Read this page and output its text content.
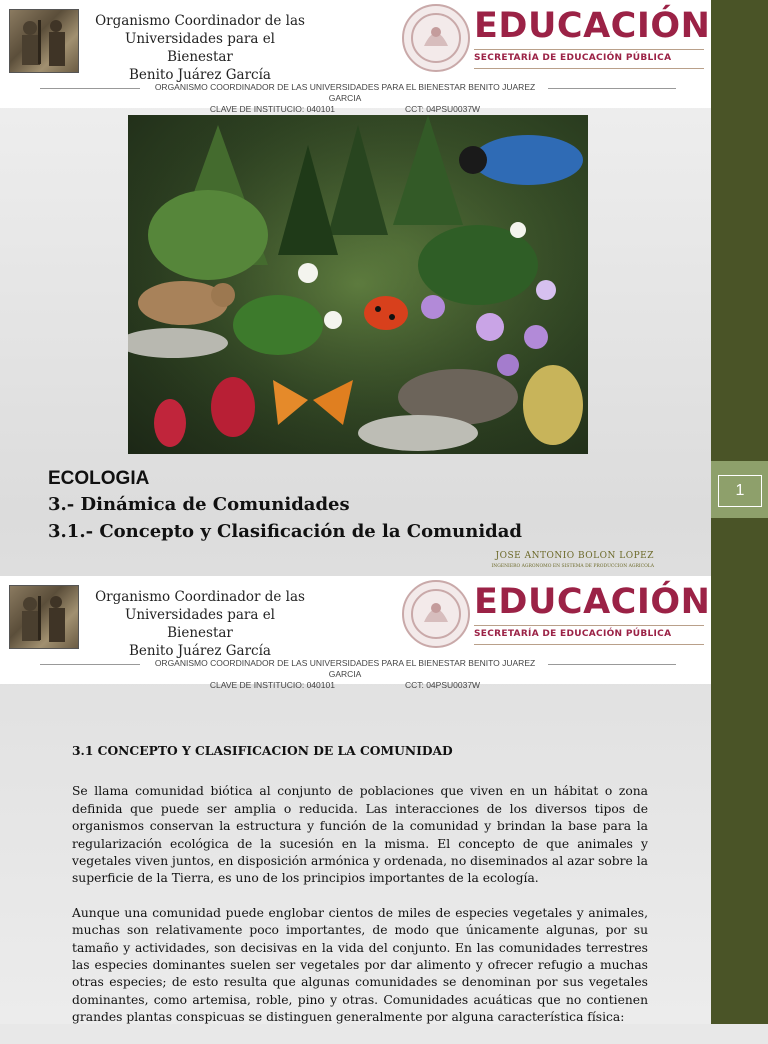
1
Organismo Coordinador de las
Universidades para el Bienestar
Benito Juárez García
EDUCACIÓN
SECRETARÍA DE EDUCACIÓN PÚBLICA
ORGANISMO COORDINADOR DE LAS UNIVERSIDADES PARA EL BIENESTAR BENITO JUAREZ GARCIA
CLAVE DE INSTITUCIO: 040101	CCT: 04PSU0037W
ECOLOGIA
3.- Dinámica de Comunidades
3.1.- Concepto y Clasificación de la Comunidad
JOSE ANTONIO BOLON LOPEZ
INGENIERO AGRONOMO EN SISTEMA DE PRODUCCION AGRICOLA
Organismo Coordinador de las
Universidades para el Bienestar
Benito Juárez García
EDUCACIÓN
SECRETARÍA DE EDUCACIÓN PÚBLICA
ORGANISMO COORDINADOR DE LAS UNIVERSIDADES PARA EL BIENESTAR BENITO JUAREZ GARCIA
CLAVE DE INSTITUCIO: 040101	CCT: 04PSU0037W
3.1 CONCEPTO Y CLASIFICACION DE LA COMUNIDAD

Se llama comunidad biótica al conjunto de poblaciones que viven en un hábitat o zona definida que puede ser amplia o reducida. Las interacciones de los diversos tipos de organismos conservan la estructura y función de la comunidad y brindan la base para la regularización ecológica de la sucesión en la misma. El concepto de que animales y vegetales viven juntos, en disposición armónica y ordenada, no diseminados al azar sobre la superficie de la Tierra, es uno de los principios importantes de la ecología.

Aunque una comunidad puede englobar cientos de miles de especies vegetales y animales, muchas son relativamente poco importantes, de modo que únicamente algunas, por su tamaño y actividades, son decisivas en la vida del conjunto. En las comunidades terrestres las especies dominantes suelen ser vegetales por dar alimento y ofrecer refugio a muchas otras especies; de esto resulta que algunas comunidades se denominan por sus vegetales dominantes, como artemisa, roble, pino y otras. Comunidades acuáticas que no contienen grandes plantas conspicuas se distinguen generalmente por alguna característica física:
